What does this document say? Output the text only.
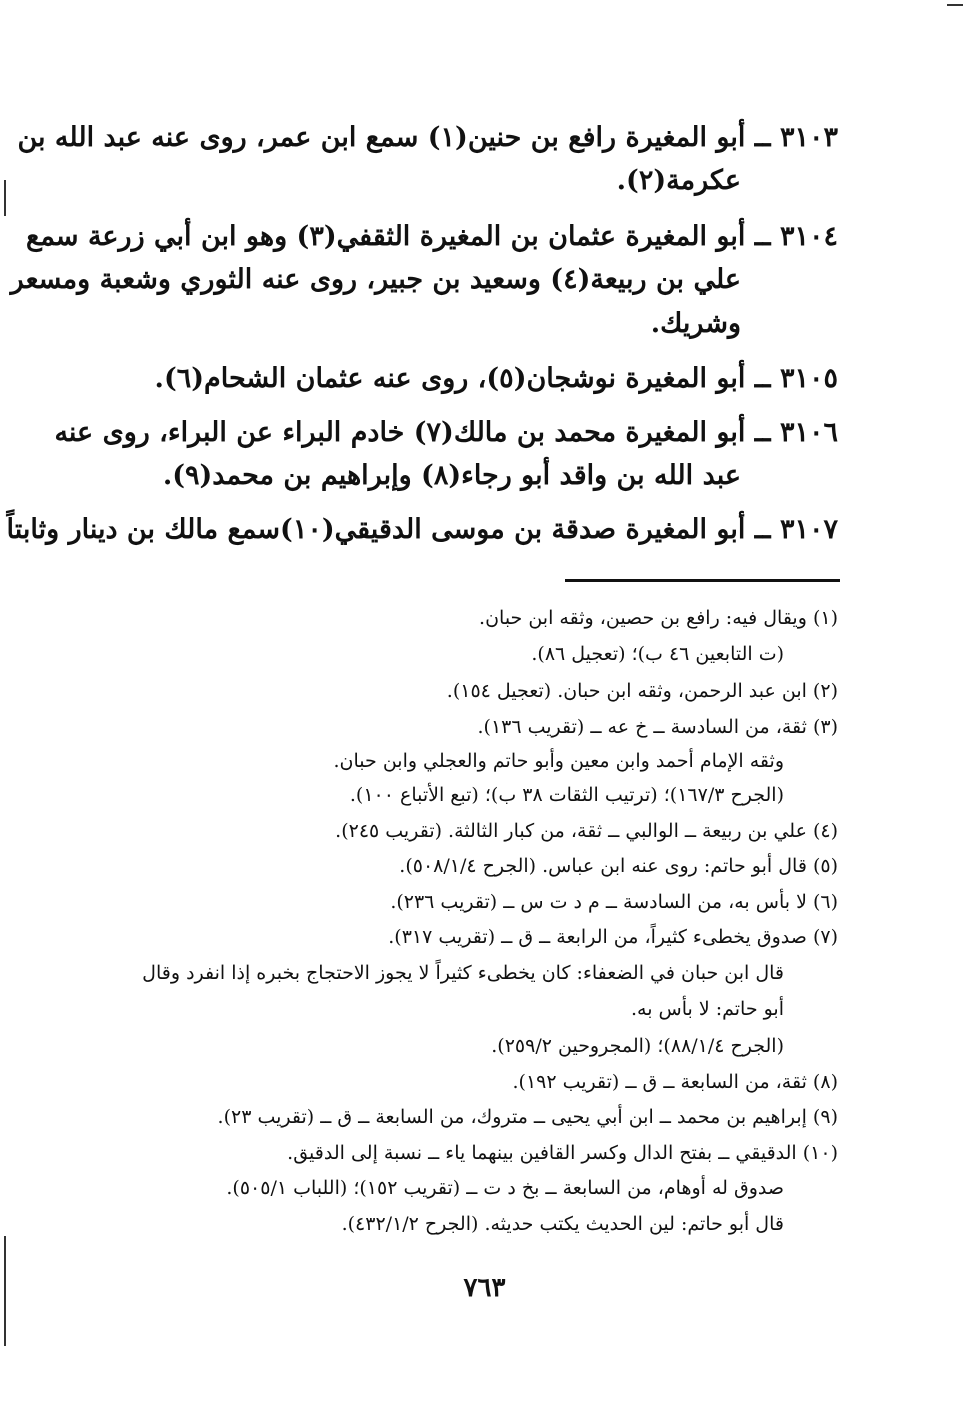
٣١٠٣ ــ أبو المغيرة رافع بن حنين(١) سمع ابن عمر، روى عنه عبد الله بن
عكرمة(٢).
٣١٠٤ ــ أبو المغيرة عثمان بن المغيرة الثقفي(٣) وهو ابن أبي زرعة سمع
علي بن ربيعة(٤) وسعيد بن جبير، روى عنه الثوري وشعبة ومسعر
وشريك.
٣١٠٥ ــ أبو المغيرة نوشجان(٥)، روى عنه عثمان الشحام(٦).
٣١٠٦ ــ أبو المغيرة محمد بن مالك(٧) خادم البراء عن البراء، روى عنه
عبد الله بن واقد أبو رجاء(٨) وإبراهيم بن محمد(٩).
٣١٠٧ ــ أبو المغيرة صدقة بن موسى الدقيقي(١٠)سمع مالك بن دينار وثابتاً
(١) ويقال فيه: رافع بن حصين، وثقه ابن حبان.
(ت التابعين ٤٦ ب)؛ (تعجيل ٨٦).
(٢) ابن عبد الرحمن، وثقه ابن حبان. (تعجيل ١٥٤).
(٣) ثقة، من السادسة ــ خ عه ــ (تقريب ١٣٦).
وثقه الإمام أحمد وابن معين وأبو حاتم والعجلي وابن حبان.
(الجرح ١٦٧/٣)؛ (ترتيب الثقات ٣٨ ب)؛ (تبع الأتباع ١٠٠).
(٤) علي بن ربيعة ــ الوالبي ــ ثقة، من كبار الثالثة. (تقريب ٢٤٥).
(٥) قال أبو حاتم: روى عنه ابن عباس. (الجرح ٥٠٨/١/٤).
(٦) لا بأس به، من السادسة ــ م د ت س ــ (تقريب ٢٣٦).
(٧) صدوق يخطىء كثيراً، من الرابعة ــ ق ــ (تقريب ٣١٧).
قال ابن حبان في الضعفاء: كان يخطىء كثيراً لا يجوز الاحتجاج بخبره إذا انفرد وقال
أبو حاتم: لا بأس به.
(الجرح ٨٨/١/٤)؛ (المجروحين ٢٥٩/٢).
(٨) ثقة، من السابعة ــ ق ــ (تقريب ١٩٢).
(٩) إبراهيم بن محمد ــ ابن أبي يحيى ــ متروك، من السابعة ــ ق ــ (تقريب ٢٣).
(١٠) الدقيقي ــ بفتح الدال وكسر القافين بينهما ياء ــ نسبة إلى الدقيق.
صدوق له أوهام، من السابعة ــ بخ د ت ــ (تقريب ١٥٢)؛ (اللباب ٥٠٥/١).
قال أبو حاتم: لين الحديث يكتب حديثه. (الجرح ٤٣٢/١/٢).
٧٦٣
